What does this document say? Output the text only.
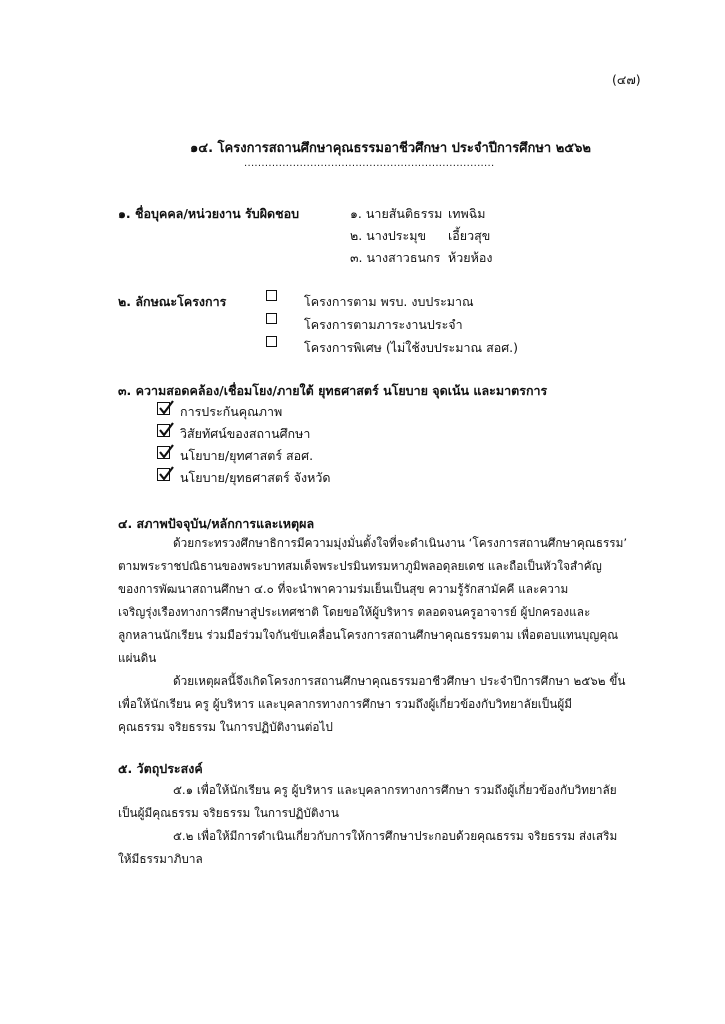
(๔๗)
๑๔. โครงการสถานศึกษาคุณธรรมอาชีวศึกษา ประจำปีการศึกษา ๒๕๖๒
........................................................................
๑. ชื่อบุคคล/หน่วยงาน รับผิดชอบ	๑. นายสันติธรรม เทพฉิม
๒. นางประมุข เอี้ยวสุข
๓. นางสาวธนกร ห้วยห้อง
๒. ลักษณะโครงการ	โครงการตาม พรบ. งบประมาณ
โครงการตามภาระงานประจำ
โครงการพิเศษ (ไม่ใช้งบประมาณ สอศ.)
๓. ความสอดคล้อง/เชื่อมโยง/ภายใต้ ยุทธศาสตร์ นโยบาย จุดเน้น และมาตรการ
การประกันคุณภาพ
วิสัยทัศน์ของสถานศึกษา
นโยบาย/ยุทศาสตร์ สอศ.
นโยบาย/ยุทธศาสตร์ จังหวัด
๔. สภาพปัจจุบัน/หลักการและเหตุผล
ด้วยกระทรวงศึกษาธิการมีความมุ่งมั่นตั้งใจที่จะดำเนินงาน ‘โครงการสถานศึกษาคุณธรรม’
ตามพระราชปณิธานของพระบาทสมเด็จพระปรมินทรมหาภูมิพลอดุลยเดช และถือเป็นหัวใจสำคัญ
ของการพัฒนาสถานศึกษา ๔.๐ ที่จะนำพาความร่มเย็นเป็นสุข ความรู้รักสามัคคี และความ
เจริญรุ่งเรืองทางการศึกษาสู่ประเทศชาติ โดยขอให้ผู้บริหาร ตลอดจนครูอาจารย์ ผู้ปกครองและ
ลูกหลานนักเรียน ร่วมมือร่วมใจกันขับเคลื่อนโครงการสถานศึกษาคุณธรรมตาม เพื่อตอบแทนบุญคุณ
แผ่นดิน
ด้วยเหตุผลนี้จึงเกิดโครงการสถานศึกษาคุณธรรมอาชีวศึกษา ประจำปีการศึกษา ๒๕๖๒ ขึ้น
เพื่อให้นักเรียน ครู ผู้บริหาร และบุคลากรทางการศึกษา รวมถึงผู้เกี่ยวข้องกับวิทยาลัยเป็นผู้มี
คุณธรรม จริยธรรม ในการปฏิบัติงานต่อไป
๕. วัตถุประสงค์
๕.๑ เพื่อให้นักเรียน ครู ผู้บริหาร และบุคลากรทางการศึกษา รวมถึงผู้เกี่ยวข้องกับวิทยาลัย
เป็นผู้มีคุณธรรม จริยธรรม ในการปฏิบัติงาน
๕.๒ เพื่อให้มีการดำเนินเกี่ยวกับการให้การศึกษาประกอบด้วยคุณธรรม จริยธรรม ส่งเสริม
ให้มีธรรมาภิบาล
